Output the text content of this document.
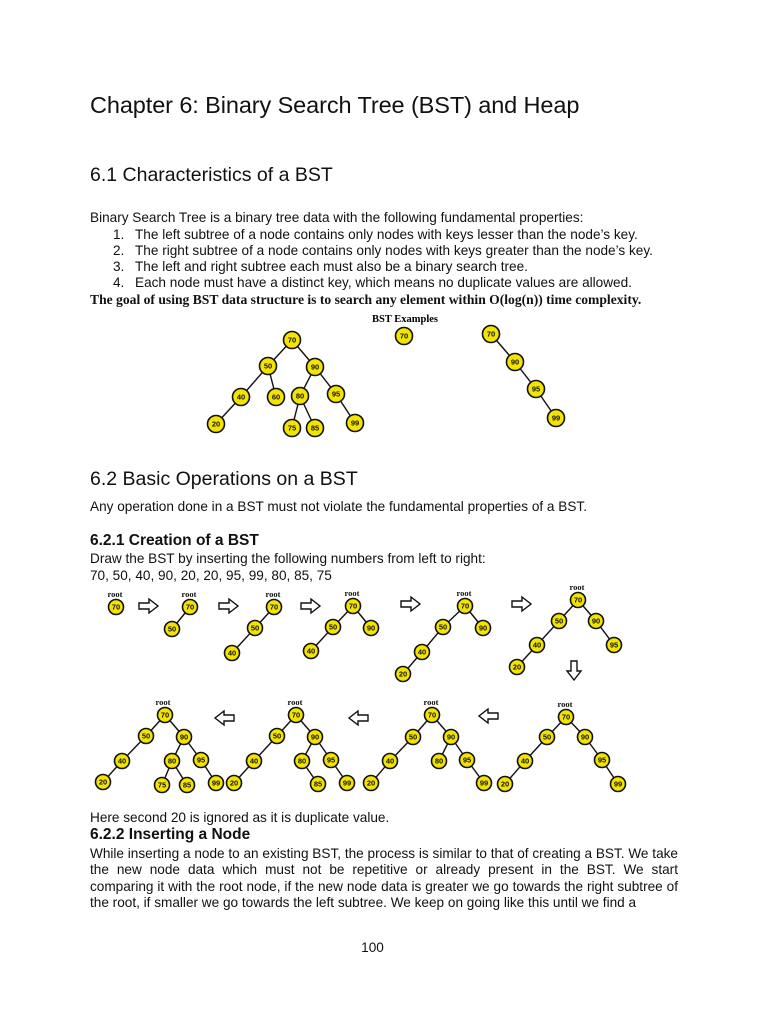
Chapter 6: Binary Search Tree (BST) and Heap
6.1 Characteristics of a BST

Binary Search Tree is a binary tree data with the following fundamental properties:

1. The left subtree of a node contains only nodes with keys lesser than the node’s key.
2. The right subtree of a node contains only nodes with keys greater than the node’s key.
3. The left and right subtree each must also be a binary search tree.
4. Each node must have a distinct key, which means no duplicate values are allowed.
The goal of using BST data structure is to search any element within O(log(n)) time complexity.
BST Examples
70
50	90
40	60 80	95
20	75 85
99
70	70
90
95
99
6.2 Basic Operations on a BST

Any operation done in a BST must not violate the fundamental properties of a BST.

6.2.1 Creation of a BST

Draw the BST by inserting the following numbers from left to right:

70, 50, 40, 90, 20, 20, 95, 99, 80, 85, 75

root	root	root	root	root
root
root	root	root	root
70	70
50
70
50
40
70
50	90
40
70
50	90
40
20
70
50	90
40	95
20
70
50	90
40	95
20	99
70
50	90
40	80	95
20	99
70
50	90
40	80	95
20	85	99
70
50	90
40	80	95
20	75 85	99

Here second 20 is ignored as it is duplicate value.

6.2.2 Inserting a Node

While inserting a node to an existing BST, the process is similar to that of creating a BST. We take the new node data which must not be repetitive or already present in the BST. We start comparing it with the root node, if the new node data is greater we go towards the right subtree of the root, if smaller we go towards the left subtree. We keep on going like this until we find a

100
